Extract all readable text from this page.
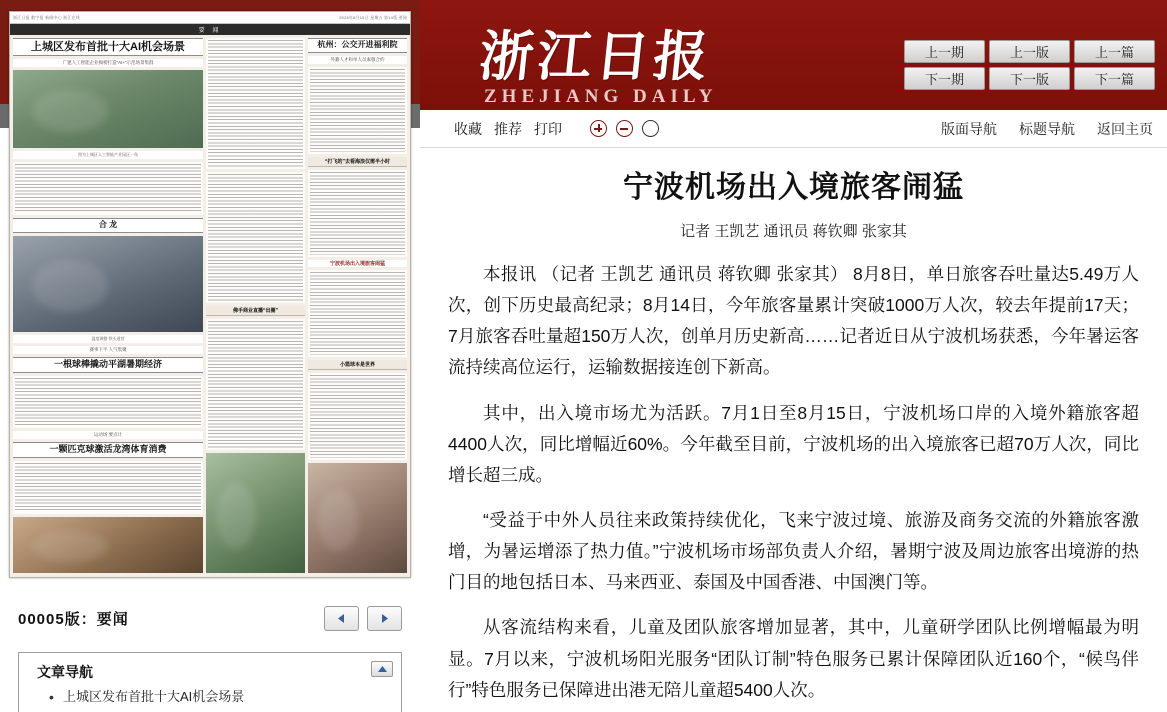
浙江日报 数字报 新闻中心 浙江在线	2025年8月15日 星期五 第14版 要闻
要 闻
上城区发布首批十大AI机会场景
广邀人工智能企业揭榜打造“AI+”示范场景集群
图为上城区人工智能产业园区一角
合 龙
温度调整 铁头道营
赛事下半 人气集聚
一根球棒撬动平湖暑期经济
运动场 要点计
一颗匹克球激活龙湾体育消费
佛手商业直播“出圈”
杭州：公交开进福利院
外籍人才和单人员素服合约
“打飞的”去看海浪仅需半小时
宁波机场出入境旅客闹猛
小篮球本是世界
00005版：要闻
文章导航
• 上城区发布首批十大AI机会场景
浙江日报
ZHEJIANG DAILY
上一期	上一版	上一篇
下一期	下一版	下一篇
收藏 推荐 打印	版面导航 标题导航 返回主页
宁波机场出入境旅客闹猛
记者 王凯艺 通讯员 蒋钦卿 张家其

本报讯 （记者 王凯艺 通讯员 蒋钦卿 张家其） 8月8日，单日旅客吞吐量达5.49万人次，创下历史最高纪录；8月14日，今年旅客量累计突破1000万人次，较去年提前17天；7月旅客吞吐量超150万人次，创单月历史新高……记者近日从宁波机场获悉，今年暑运客流持续高位运行，运输数据接连创下新高。

其中，出入境市场尤为活跃。7月1日至8月15日，宁波机场口岸的入境外籍旅客超4400人次，同比增幅近60%。今年截至目前，宁波机场的出入境旅客已超70万人次，同比增长超三成。

“受益于中外人员往来政策持续优化，飞来宁波过境、旅游及商务交流的外籍旅客激增，为暑运增添了热力值。”宁波机场市场部负责人介绍，暑期宁波及周边旅客出境游的热门目的地包括日本、马来西亚、泰国及中国香港、中国澳门等。

从客流结构来看，儿童及团队旅客增加显著，其中，儿童研学团队比例增幅最为明显。7月以来，宁波机场阳光服务“团队订制”特色服务已累计保障团队近160个，“候鸟伴行”特色服务已保障进出港无陪儿童超5400人次。
